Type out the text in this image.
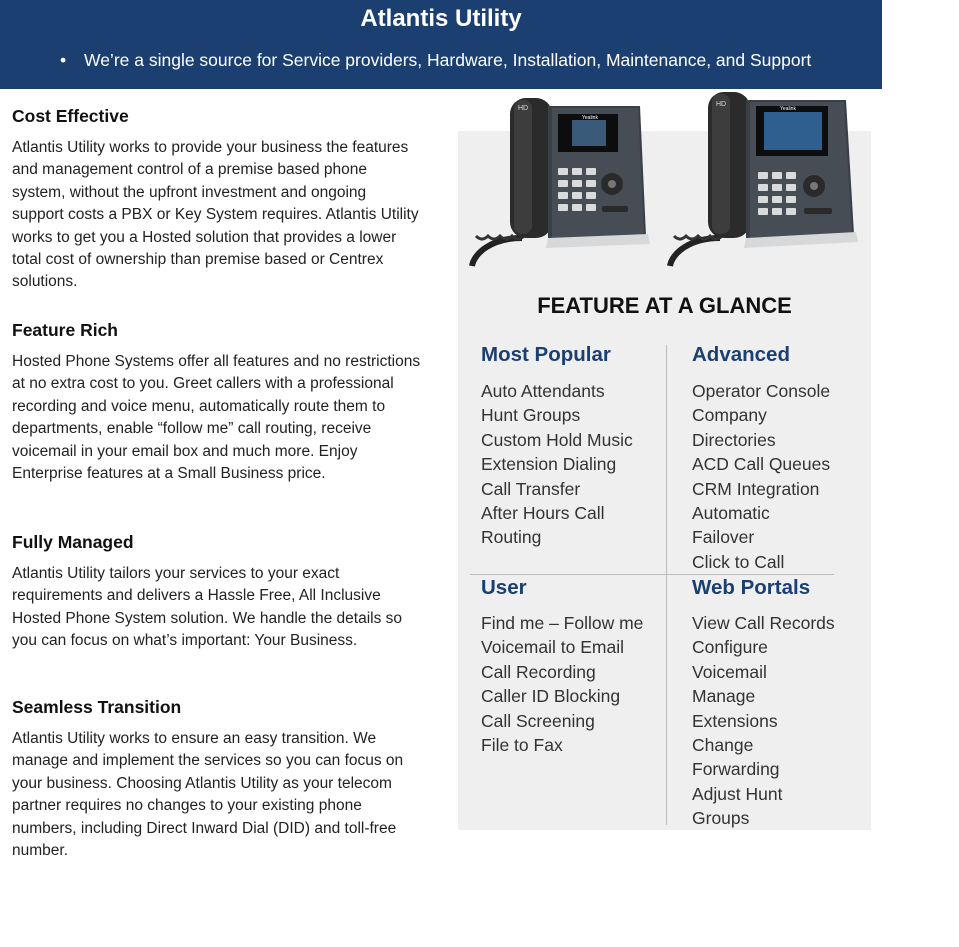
Atlantis Utility
• We’re a single source for Service providers, Hardware, Installation, Maintenance, and Support
Cost Effective

Atlantis Utility works to provide your business the features and management control of a premise based phone system, without the upfront investment and ongoing support costs a PBX or Key System requires. Atlantis Utility works to get you a Hosted solution that provides a lower total cost of ownership than premise based or Centrex solutions.

Feature Rich

Hosted Phone Systems offer all features and no restrictions at no extra cost to you. Greet callers with a professional recording and voice menu, automatically route them to departments, enable “follow me” call routing, receive voicemail in your email box and much more. Enjoy Enterprise features at a Small Business price.

Fully Managed

Atlantis Utility tailors your services to your exact requirements and delivers a Hassle Free, All Inclusive Hosted Phone System solution. We handle the details so you can focus on what’s important: Your Business.

Seamless Transition

Atlantis Utility works to ensure an easy transition. We manage and implement the services so you can focus on your business. Choosing Atlantis Utility as your telecom partner requires no changes to your existing phone numbers, including Direct Inward Dial (DID) and toll-free number.

HD
Yealink
HD
Yealink
FEATURE AT A GLANCE
Most Popular
Auto Attendants
Hunt Groups
Custom Hold Music
Extension Dialing
Call Transfer
After Hours Call
Routing
Advanced
Operator Console
Company
Directories
ACD Call Queues
CRM Integration
Automatic
Failover
Click to Call
User
Find me – Follow me
Voicemail to Email
Call Recording
Caller ID Blocking
Call Screening
File to Fax
Web Portals
View Call Records
Configure
Voicemail
Manage
Extensions
Change
Forwarding
Adjust Hunt
Groups
